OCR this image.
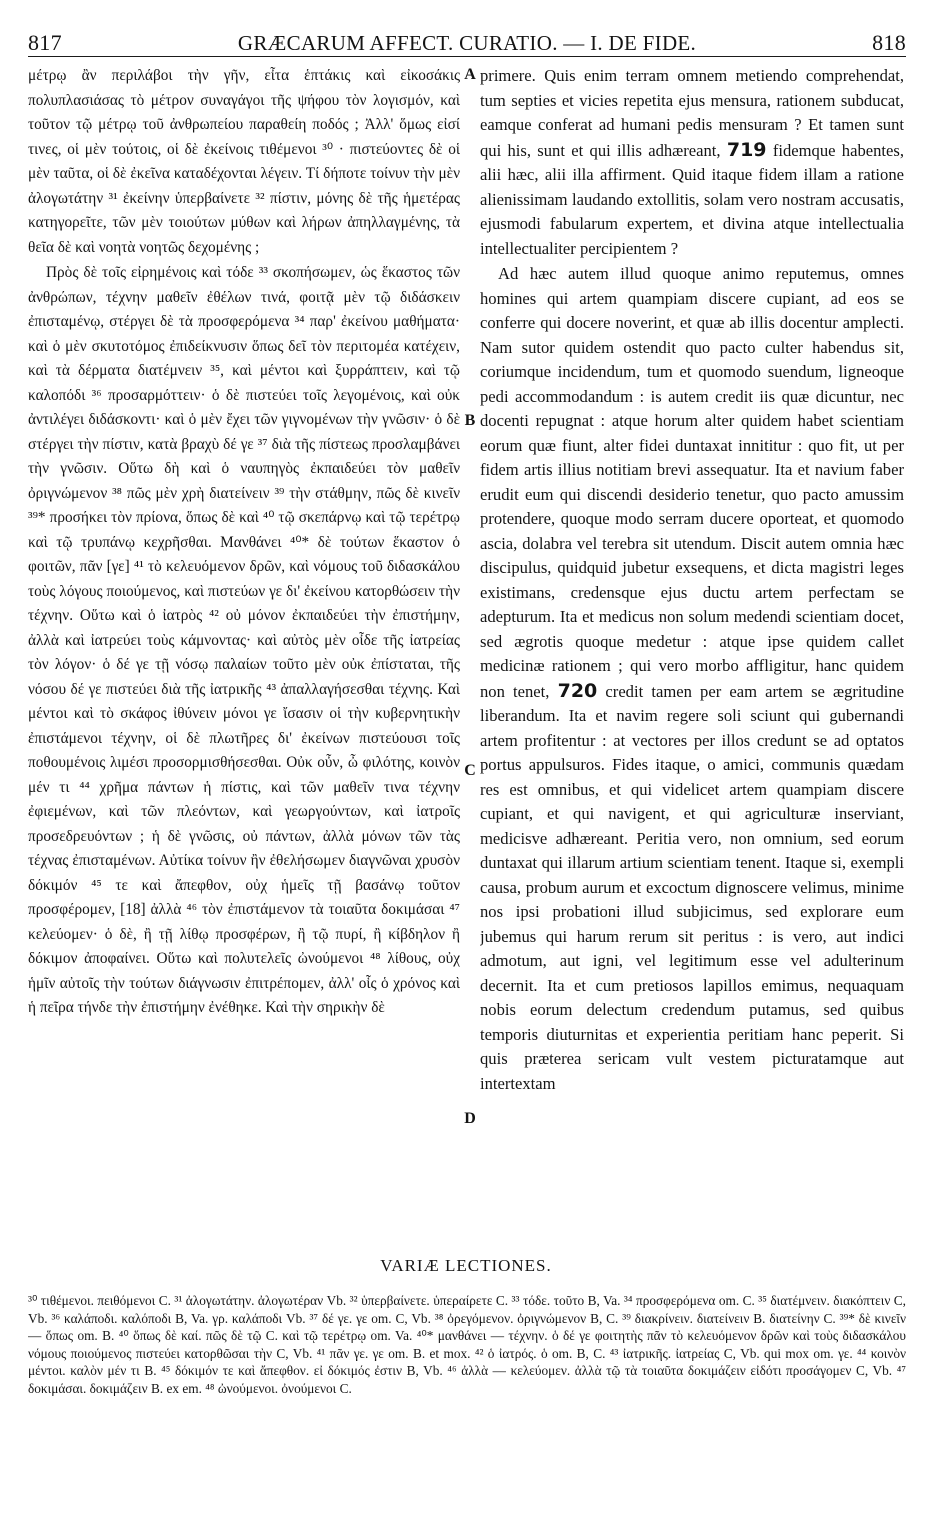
817	GRÆCARUM AFFECT. CURATIO. — I. DE FIDE.	818

μέτρῳ ἂν περιλάβοι τὴν γῆν, εἶτα ἑπτάκις καὶ εἰκοσάκις πολυπλασιάσας τὸ μέτρον συναγάγοι τῆς ψήφου τὸν λογισμόν, καὶ τοῦτον τῷ μέτρῳ τοῦ ἀνθρωπείου παραθείη ποδός ; Ἀλλ' ὅμως εἰσί τινες, οἱ μὲν τούτοις, οἱ δὲ ἐκείνοις τιθέμενοι ³⁰ · πιστεύοντες δὲ οἱ μὲν ταῦτα, οἱ δὲ ἐκεῖνα καταδέχονται λέγειν. Τί δήποτε τοίνυν τὴν μὲν ἀλογωτάτην ³¹ ἐκείνην ὑπερβαίνετε ³² πίστιν, μόνης δὲ τῆς ἡμετέρας κατηγορεῖτε, τῶν μὲν τοιούτων μύθων καὶ λήρων ἀπηλλαγμένης, τὰ θεῖα δὲ καὶ νοητὰ νοητῶς δεχομένης ;

Πρὸς δὲ τοῖς εἰρημένοις καὶ τόδε ³³ σκοπήσωμεν, ὡς ἕκαστος τῶν ἀνθρώπων, τέχνην μαθεῖν ἐθέλων τινά, φοιτᾷ μὲν τῷ διδάσκειν ἐπισταμένῳ, στέργει δὲ τὰ προσφερόμενα ³⁴ παρ' ἐκείνου μαθήματα· καὶ ὁ μὲν σκυτοτόμος ἐπιδείκνυσιν ὅπως δεῖ τὸν περιτομέα κατέχειν, καὶ τὰ δέρματα διατέμνειν ³⁵, καὶ μέντοι καὶ ξυρράπτειν, καὶ τῷ καλοπόδι ³⁶ προσαρμόττειν· ὁ δὲ πιστεύει τοῖς λεγομένοις, καὶ οὐκ ἀντιλέγει διδάσκοντι· καὶ ὁ μὲν ἔχει τῶν γιγνομένων τὴν γνῶσιν· ὁ δὲ στέργει τὴν πίστιν, κατὰ βραχὺ δέ γε ³⁷ διὰ τῆς πίστεως προσλαμβάνει τὴν γνῶσιν. Οὕτω δὴ καὶ ὁ ναυπηγὸς ἐκπαιδεύει τὸν μαθεῖν ὀριγνώμενον ³⁸ πῶς μὲν χρὴ διατείνειν ³⁹ τὴν στάθμην, πῶς δὲ κινεῖν ³⁹* προσήκει τὸν πρίονα, ὅπως δὲ καὶ ⁴⁰ τῷ σκεπάρνῳ καὶ τῷ τερέτρῳ καὶ τῷ τρυπάνῳ κεχρῆσθαι. Μανθάνει ⁴⁰* δὲ τούτων ἕκαστον ὁ φοιτῶν, πᾶν [γε] ⁴¹ τὸ κελευόμενον δρῶν, καὶ νόμους τοῦ διδασκάλου τοὺς λόγους ποιούμενος, καὶ πιστεύων γε δι' ἐκείνου κατορθώσειν τὴν τέχνην. Οὕτω καὶ ὁ ἰατρὸς ⁴² οὐ μόνον ἐκπαιδεύει τὴν ἐπιστήμην, ἀλλὰ καὶ ἰατρεύει τοὺς κάμνοντας· καὶ αὐτὸς μὲν οἶδε τῆς ἰατρείας τὸν λόγον· ὁ δέ γε τῇ νόσῳ παλαίων τοῦτο μὲν οὐκ ἐπίσταται, τῆς νόσου δέ γε πιστεύει διὰ τῆς ἰατρικῆς ⁴³ ἀπαλλαγήσεσθαι τέχνης. Καὶ μέντοι καὶ τὸ σκάφος ἰθύνειν μόνοι γε ἴσασιν οἱ τὴν κυβερνητικὴν ἐπιστάμενοι τέχνην, οἱ δὲ πλωτῆρες δι' ἐκείνων πιστεύουσι τοῖς ποθουμένοις λιμέσι προσορμισθήσεσθαι. Οὐκ οὖν, ὦ φιλότης, κοινὸν μέν τι ⁴⁴ χρῆμα πάντων ἡ πίστις, καὶ τῶν μαθεῖν τινα τέχνην ἐφιεμένων, καὶ τῶν πλεόντων, καὶ γεωργούντων, καὶ ἰατροῖς προσεδρευόντων ; ἡ δὲ γνῶσις, οὐ πάντων, ἀλλὰ μόνων τῶν τὰς τέχνας ἐπισταμένων. Αὐτίκα τοίνυν ἢν ἐθελήσωμεν διαγνῶναι χρυσὸν δόκιμόν ⁴⁵ τε καὶ ἄπεφθον, οὐχ ἡμεῖς τῇ βασάνῳ τοῦτον προσφέρομεν, [18] ἀλλὰ ⁴⁶ τὸν ἐπιστάμενον τὰ τοιαῦτα δοκιμάσαι ⁴⁷ κελεύομεν· ὁ δὲ, ἢ τῇ λίθῳ προσφέρων, ἢ τῷ πυρί, ἢ κίβδηλον ἢ δόκιμον ἀποφαίνει. Οὕτω καὶ πολυτελεῖς ὠνούμενοι ⁴⁸ λίθους, οὐχ ἡμῖν αὐτοῖς τὴν τούτων διάγνωσιν ἐπιτρέπομεν, ἀλλ' οἷς ὁ χρόνος καὶ ἡ πεῖρα τήνδε τὴν ἐπιστήμην ἐνέθηκε. Καὶ τὴν σηρικὴν δὲ

A
B
C
D

primere. Quis enim terram omnem metiendo comprehendat, tum septies et vicies repetita ejus mensura, rationem subducat, eamque conferat ad humani pedis mensuram ? Et tamen sunt qui his, sunt et qui illis adhæreant, 719 fidemque habentes, alii hæc, alii illa affirment. Quid itaque fidem illam a ratione alienissimam laudando extollitis, solam vero nostram accusatis, ejusmodi fabularum expertem, et divina atque intellectualia intellectualiter percipientem ?

Ad hæc autem illud quoque animo reputemus, omnes homines qui artem quampiam discere cupiant, ad eos se conferre qui docere noverint, et quæ ab illis docentur amplecti. Nam sutor quidem ostendit quo pacto culter habendus sit, coriumque incidendum, tum et quomodo suendum, ligneoque pedi accommodandum : is autem credit iis quæ dicuntur, nec docenti repugnat : atque horum alter quidem habet scientiam eorum quæ fiunt, alter fidei duntaxat innititur : quo fit, ut per fidem artis illius notitiam brevi assequatur. Ita et navium faber erudit eum qui discendi desiderio tenetur, quo pacto amussim protendere, quoque modo serram ducere oporteat, et quomodo ascia, dolabra vel terebra sit utendum. Discit autem omnia hæc discipulus, quidquid jubetur exsequens, et dicta magistri leges existimans, credensque ejus ductu artem perfectam se adepturum. Ita et medicus non solum medendi scientiam docet, sed ægrotis quoque medetur : atque ipse quidem callet medicinæ rationem ; qui vero morbo affligitur, hanc quidem non tenet, 720 credit tamen per eam artem se ægritudine liberandum. Ita et navim regere soli sciunt qui gubernandi artem profitentur : at vectores per illos credunt se ad optatos portus appulsuros. Fides itaque, o amici, communis quædam res est omnibus, et qui videlicet artem quampiam discere cupiant, et qui navigent, et qui agriculturæ inserviant, medicisve adhæreant. Peritia vero, non omnium, sed eorum duntaxat qui illarum artium scientiam tenent. Itaque si, exempli causa, probum aurum et excoctum dignoscere velimus, minime nos ipsi probationi illud subjicimus, sed explorare eum jubemus qui harum rerum sit peritus : is vero, aut indici admotum, aut igni, vel legitimum esse vel adulterinum decernit. Ita et cum pretiosos lapillos emimus, nequaquam nobis eorum delectum credendum putamus, sed quibus temporis diuturnitas et experientia peritiam hanc peperit. Si quis præterea sericam vult vestem picturatamque aut intertextam

VARIÆ LECTIONES.

³⁰ τιθέμενοι. πειθόμενοι C. ³¹ ἀλογωτάτην. ἀλογωτέραν Vb. ³² ὑπερβαίνετε. ὑπεραίρετε C. ³³ τόδε. τοῦτο B, Va. ³⁴ προσφερόμενα om. C. ³⁵ διατέμνειν. διακόπτειν C, Vb. ³⁶ καλάποδι. καλόποδι B, Va. γρ. καλάποδι Vb. ³⁷ δέ γε. γε om. C, Vb. ³⁸ ὀρεγόμενον. ὀριγνώμενον B, C. ³⁹ διακρίνειν. διατείνειν B. διατείνην C. ³⁹* δὲ κινεῖν — ὅπως om. B. ⁴⁰ ὅπως δὲ καί. πῶς δὲ τῷ C. καὶ τῷ τερέτρῳ om. Va. ⁴⁰* μανθάνει — τέχνην. ὁ δέ γε φοιτητὴς πᾶν τὸ κελευόμενον δρῶν καὶ τοὺς διδασκάλου νόμους ποιούμενος πιστεύει κατορθῶσαι τὴν C, Vb. ⁴¹ πᾶν γε. γε om. B. et mox. ⁴² ὁ ἰατρός. ὁ om. B, C. ⁴³ ἰατρικῆς. ἰατρείας C, Vb. qui mox om. γε. ⁴⁴ κοινὸν μέντοι. καλὸν μέν τι B. ⁴⁵ δόκιμόν τε καὶ ἄπεφθον. εἰ δόκιμός ἐστιν B, Vb. ⁴⁶ ἀλλὰ — κελεύομεν. ἀλλὰ τῷ τὰ τοιαῦτα δοκιμάζειν εἰδότι προσάγομεν C, Vb. ⁴⁷ δοκιμάσαι. δοκιμάζειν B. ex em. ⁴⁸ ὠνούμενοι. ὀνούμενοι C.
